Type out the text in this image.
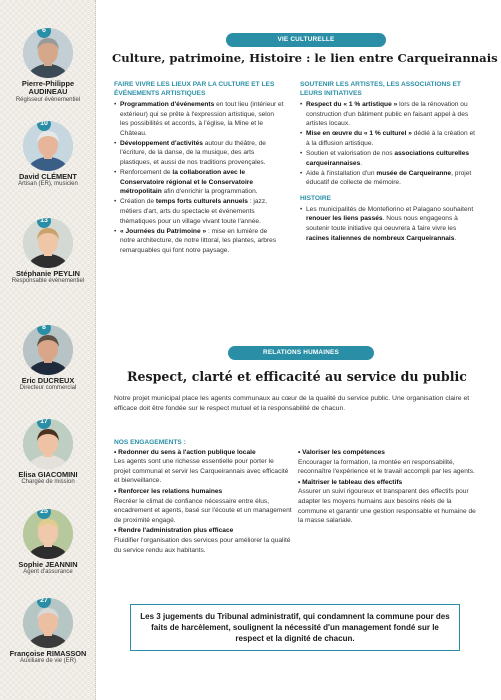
6
Pierre-Philippe
AUDINEAU
Régisseur évènementiel
10
David CLÉMENT
Artisan (ER), musicien
13
Stéphanie PEYLIN
Responsable évènementiel
8
Eric DUCREUX
Directeur commercial
17
Elisa GIACOMINI
Chargée de mission
25
Sophie JEANNIN
Agent d'assurance
27
Françoise RIMASSON
Auxiliaire de vie (ER)
VIE CULTURELLE
Culture, patrimoine, Histoire : le lien entre Carqueirannais
FAIRE VIVRE LES LIEUX PAR LA CULTURE ET LES ÉVÉNEMENTS ARTISTIQUES
• Programmation d'événements en tout lieu (intérieur et extérieur) qui se prête à l'expression artistique, selon les possibilités et accords, à l'église, la Mine et le Château.
• Développement d'activités autour du théâtre, de l'écriture, de la danse, de la musique, des arts plastiques, et aussi de nos traditions provençales.
• Renforcement de la collaboration avec le Conservatoire régional et le Conservatoire métropolitain afin d'enrichir la programmation.
• Création de temps forts culturels annuels : jazz, métiers d'art, arts du spectacle et événements thématiques pour un village vivant toute l'année.
• « Journées du Patrimoine » : mise en lumière de notre architecture, de notre littoral, les plantes, arbres remarquables qui font notre paysage.
SOUTENIR LES ARTISTES, LES ASSOCIATIONS ET LEURS INITIATIVES
• Respect du « 1 % artistique » lors de la rénovation ou construction d'un bâtiment public en faisant appel à des artistes locaux.
• Mise en œuvre du « 1 % culturel » dédié à la création et à la diffusion artistique.
• Soutien et valorisation de nos associations culturelles carqueirannaises.
• Aide à l'installation d'un musée de Carqueiranne, projet éducatif de collecte de mémoire.
HISTOIRE
• Les municipalités de Montefiorino et Palagano souhaitent renouer les liens passés. Nous nous engageons à soutenir toute initiative qui oeuvrera à faire vivre les racines italiennes de nombreux Carqueirannais.
RELATIONS HUMAINES
Respect, clarté et efficacité au service du public
Notre projet municipal place les agents communaux au cœur de la qualité du service public. Une organisation claire et efficace doit être fondée sur le respect mutuel et la responsabilité de chacun.
NOS ENGAGEMENTS :
• Redonner du sens à l'action publique locale
Les agents sont une richesse essentielle pour porter le projet communal et servir les Carqueirannais avec efficacité et bienveillance.
• Renforcer les relations humaines
Recréer le climat de confiance nécessaire entre élus, encadrement et agents, basé sur l'écoute et un management de proximité engagé.
• Rendre l'administration plus efficace
Fluidifier l'organisation des services pour améliorer la qualité du service rendu aux habitants.
• Valoriser les compétences
Encourager la formation, la montée en responsabilité, reconnaître l'expérience et le travail accompli par les agents.
• Maîtriser le tableau des effectifs
Assurer un suivi rigoureux et transparent des effectifs pour adapter les moyens humains aux besoins réels de la commune et garantir une gestion responsable et humaine de la masse salariale.
Les 3 jugements du Tribunal administratif, qui condamnent la commune pour des faits de harcèlement, soulignent la nécessité d'un management fondé sur le respect et la dignité de chacun.
